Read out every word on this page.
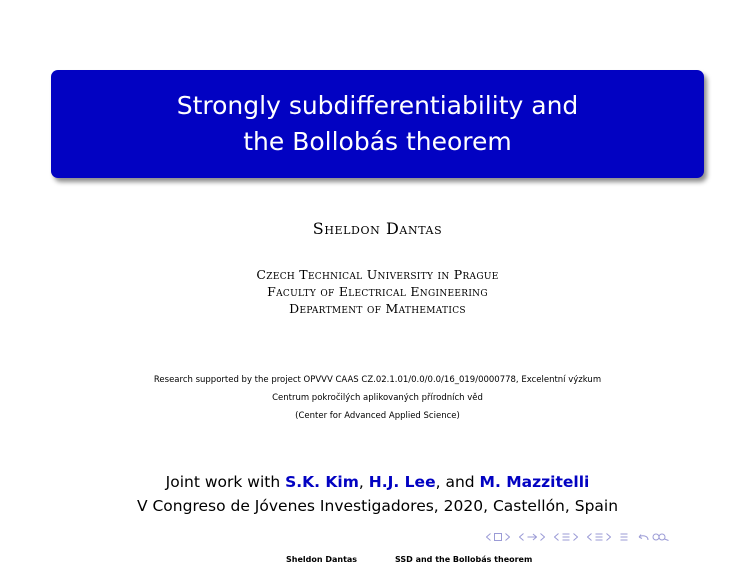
Strongly subdifferentiability and
the Bollobás theorem
Sheldon Dantas
Czech Technical University in Prague
Faculty of Electrical Engineering
Department of Mathematics
Research supported by the project OPVVV CAAS CZ.02.1.01/0.0/0.0/16_019/0000778, Excelentní výzkum
Centrum pokročilých aplikovaných přírodních věd
(Center for Advanced Applied Science)
Joint work with S.K. Kim, H.J. Lee, and M. Mazzitelli
V Congreso de Jóvenes Investigadores, 2020, Castellón, Spain
Sheldon Dantas	SSD and the Bollobás theorem
